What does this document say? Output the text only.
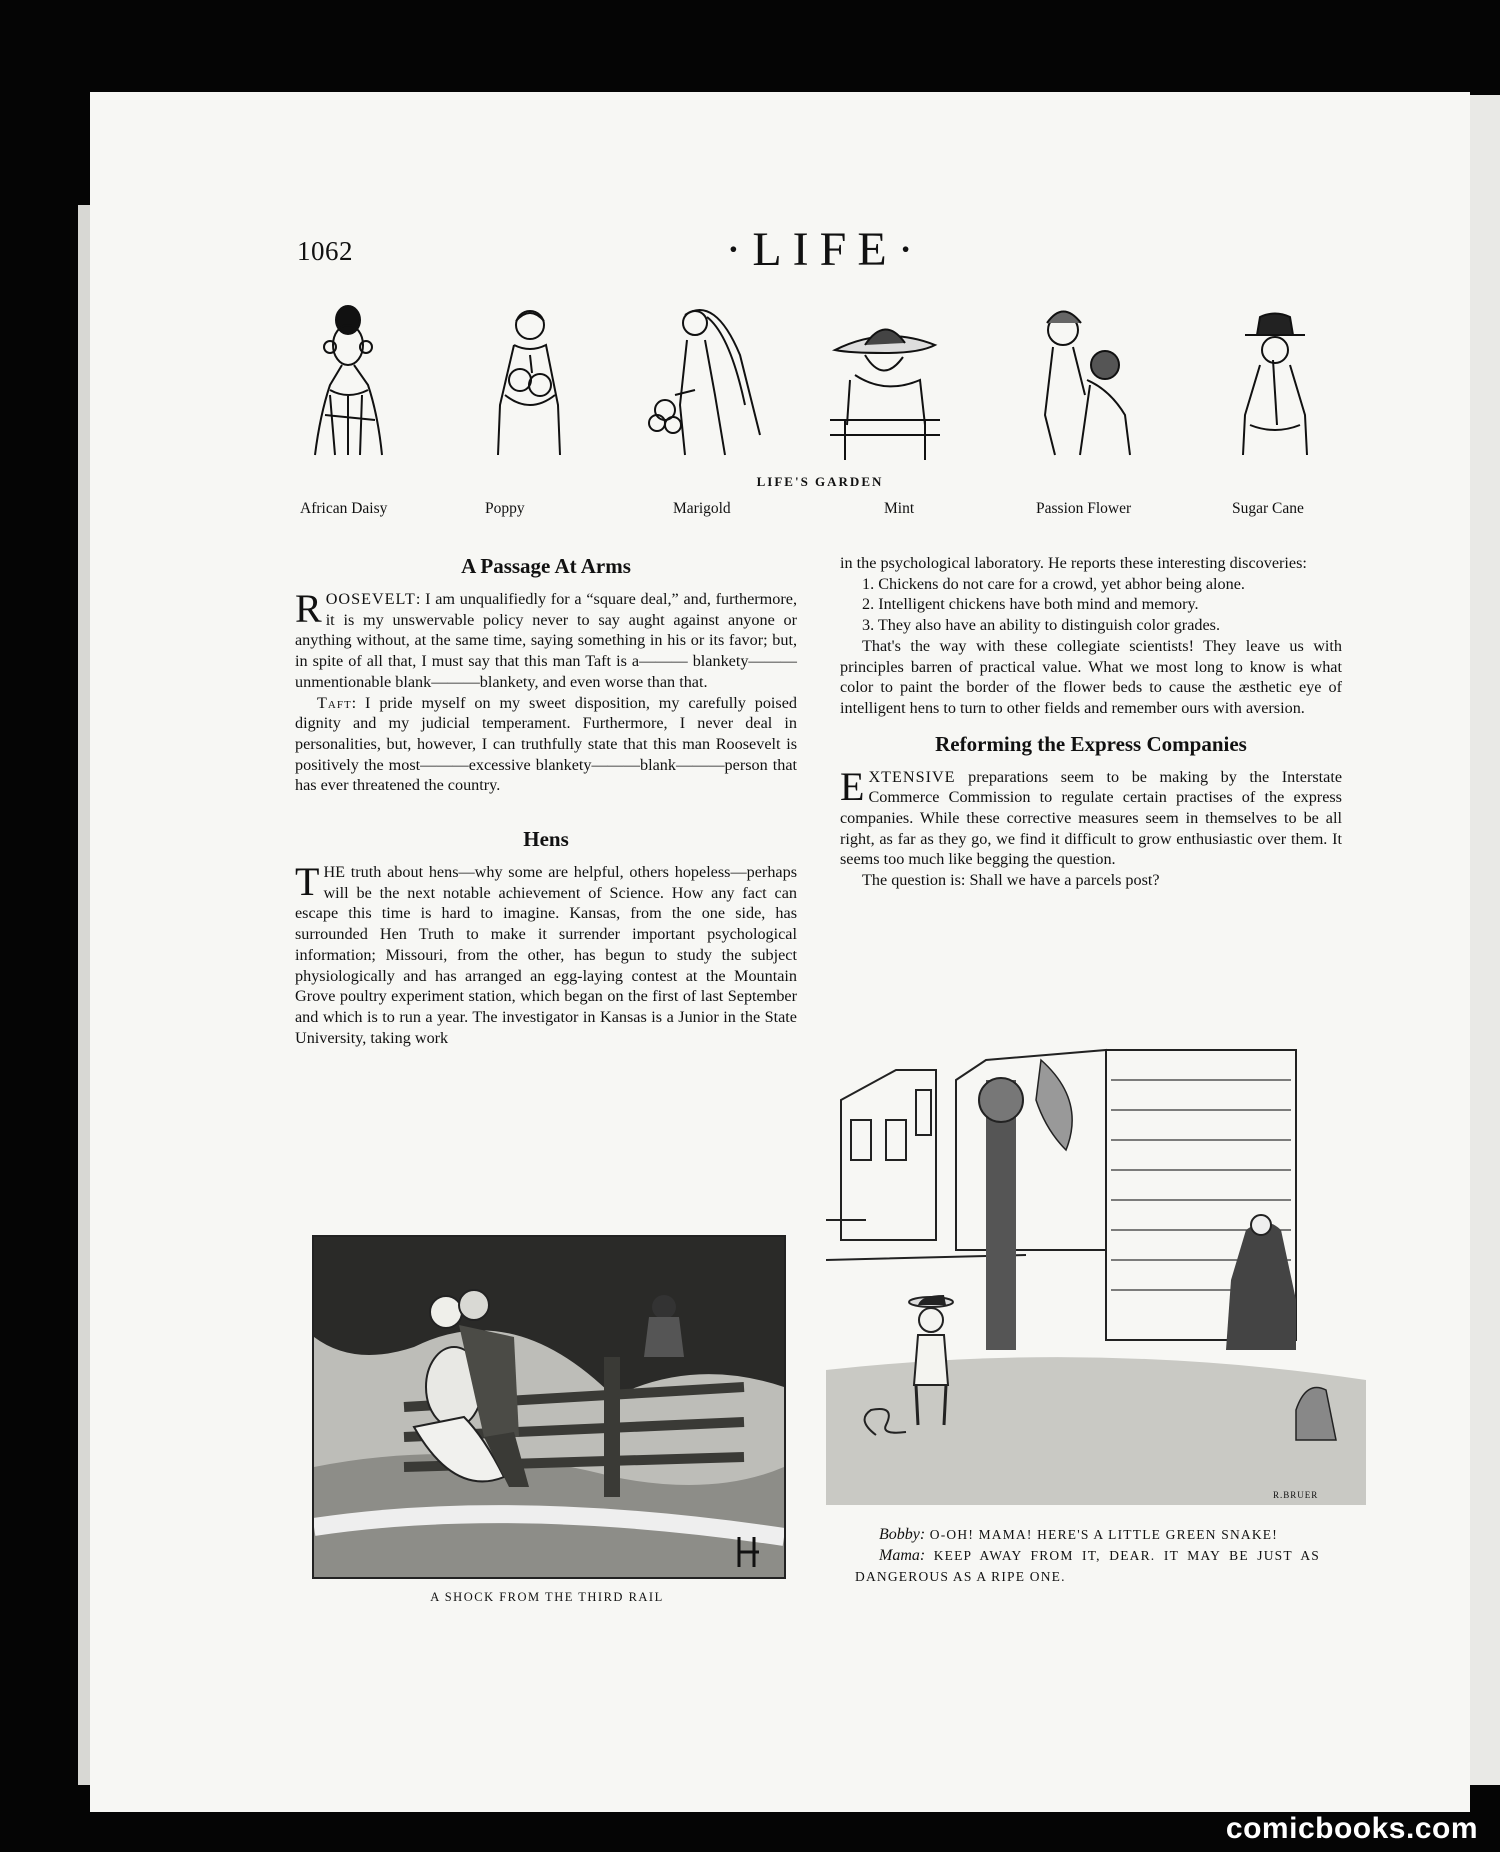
1062	·LIFE·
LIFE'S GARDEN
African Daisy	Poppy	Marigold	Mint	Passion Flower	Sugar Cane
A Passage At Arms

ROOSEVELT: I am unqualifiedly for a “square deal,” and, furthermore, it is my unswervable policy never to say aught against anyone or anything without, at the same time, saying something in his or its favor; but, in spite of all that, I must say that this man Taft is a——— blankety———unmentionable blank———blankety, and even worse than that.

Taft: I pride myself on my sweet disposition, my carefully poised dignity and my judicial temperament. Furthermore, I never deal in personalities, but, however, I can truthfully state that this man Roosevelt is positively the most———excessive blankety———blank———person that has ever threatened the country.

Hens

THE truth about hens—why some are helpful, others hopeless—perhaps will be the next notable achievement of Science. How any fact can escape this time is hard to imagine. Kansas, from the one side, has surrounded Hen Truth to make it surrender important psychological information; Missouri, from the other, has begun to study the subject physiologically and has arranged an egg-laying contest at the Mountain Grove poultry experiment station, which began on the first of last September and which is to run a year. The investigator in Kansas is a Junior in the State University, taking work

in the psychological laboratory. He reports these interesting discoveries:

1. Chickens do not care for a crowd, yet abhor being alone.

2. Intelligent chickens have both mind and memory.

3. They also have an ability to distinguish color grades.

That's the way with these collegiate scientists! They leave us with principles barren of practical value. What we most long to know is what color to paint the border of the flower beds to cause the æsthetic eye of intelligent hens to turn to other fields and remember ours with aversion.

Reforming the Express Companies

EXTENSIVE preparations seem to be making by the Interstate Commerce Commission to regulate certain practises of the express companies. While these corrective measures seem in themselves to be all right, as far as they go, we find it difficult to grow enthusiastic over them. It seems too much like begging the question.

The question is: Shall we have a parcels post?

A SHOCK FROM THE THIRD RAIL
R.BRUER

Bobby: O-OH! MAMA! HERE'S A LITTLE GREEN SNAKE!

Mama: KEEP AWAY FROM IT, DEAR. IT MAY BE JUST AS DANGEROUS AS A RIPE ONE.

comicbooks.com
